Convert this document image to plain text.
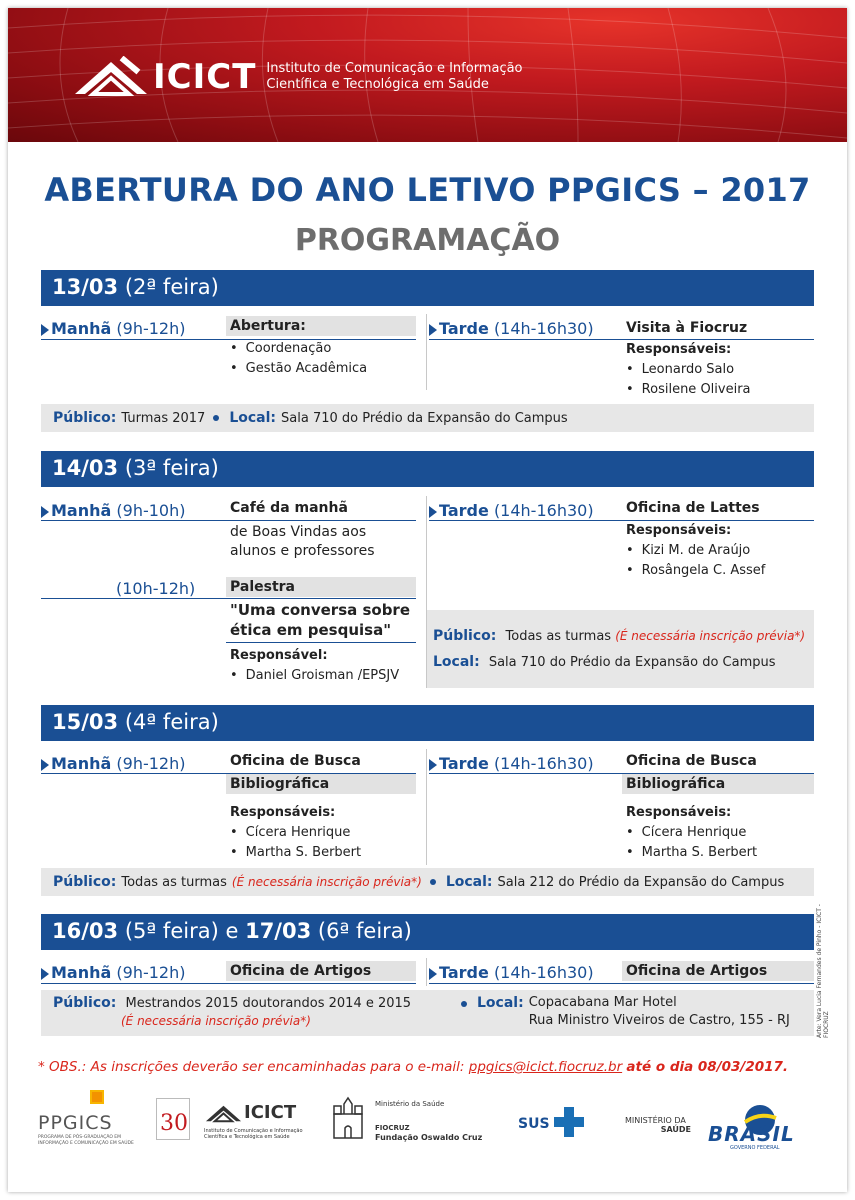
ICICT Instituto de Comunicação e Informação
Científica e Tecnológica em Saúde
ABERTURA DO ANO LETIVO PPGICS – 2017
PROGRAMAÇÃO
13/03 (2ª feira)
Manhã (9h-12h)	Abertura:
• Coordenação
• Gestão Acadêmica
Tarde (14h-16h30) Visita à Fiocruz
Responsáveis:
• Leonardo Salo
• Rosilene Oliveira
Público: Turmas 2017 Local: Sala 710 do Prédio da Expansão do Campus
14/03 (3ª feira)
Manhã (9h-10h)	Café da manhã
de Boas Vindas aos
alunos e professores
(10h-12h) Palestra
"Uma conversa sobre
ética em pesquisa"
Responsável:
• Daniel Groisman /EPSJV
Tarde (14h-16h30) Oficina de Lattes
Responsáveis:
• Kizi M. de Araújo
• Rosângela C. Assef
Público: Todas as turmas (É necessária inscrição prévia*)
Local: Sala 710 do Prédio da Expansão do Campus
15/03 (4ª feira)
Manhã (9h-12h)	Oficina de Busca
Bibliográfica
Responsáveis:
• Cícera Henrique
• Martha S. Berbert
Tarde (14h-16h30) Oficina de Busca
Bibliográfica
Responsáveis:
• Cícera Henrique
• Martha S. Berbert
Público: Todas as turmas (É necessária inscrição prévia*) Local: Sala 212 do Prédio da Expansão do Campus
16/03 (5ª feira) e 17/03 (6ª feira)
Manhã (9h-12h)	Oficina de Artigos	Tarde (14h-16h30) Oficina de Artigos
Público: Mestrandos 2015 doutorandos 2014 e 2015
(É necessária inscrição prévia*)
Local: Copacabana Mar Hotel
Rua Ministro Viveiros de Castro, 155 - RJ
* OBS.: As inscrições deverão ser encaminhadas para o e-mail: ppgics@icict.fiocruz.br até o dia 08/03/2017.
Arte: Vera Lucia Fernandes de Pinho - ICICT - FIOCRUZ
PPGICS
PROGRAMA DE PÓS-GRADUAÇÃO EM
INFORMAÇÃO E COMUNICAÇÃO EM SAÚDE
30	ICICT
Instituto de Comunicação e Informação
Científica e Tecnológica em Saúde
Ministério da Saúde
FIOCRUZ
Fundação Oswaldo Cruz
SUS	MINISTÉRIO DA
SAÚDE BRASIL
GOVERNO FEDERAL
